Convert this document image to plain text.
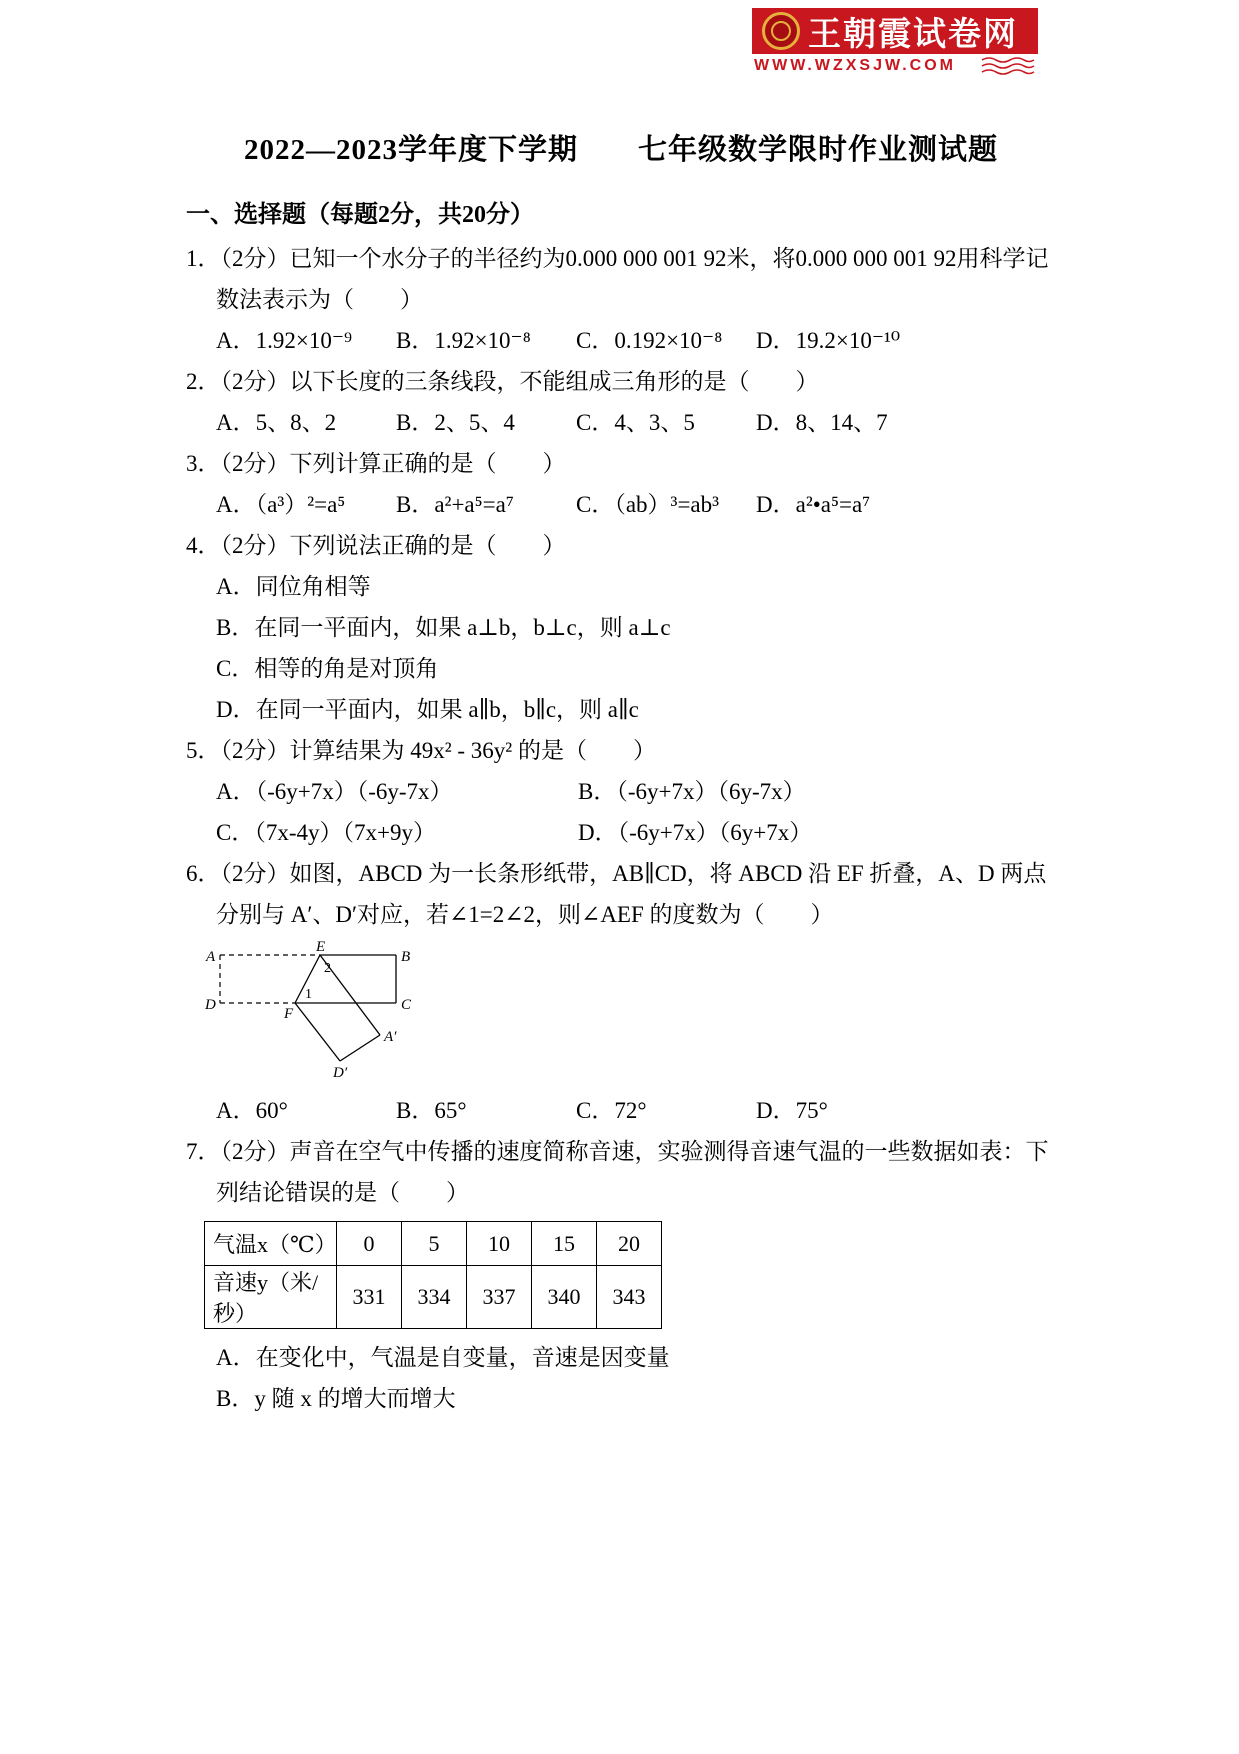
王朝霞试卷网
WWW.WZXSJW.COM
2022—2023学年度下学期　　七年级数学限时作业测试题
一、选择题（每题2分，共20分）

1．（2分）已知一个水分子的半径约为0.000 000 001 92米，将0.000 000 001 92用科学记数法表示为（　　）

A．1.92×10⁻⁹	B．1.92×10⁻⁸	C．0.192×10⁻⁸	D．19.2×10⁻¹⁰

2．（2分）以下长度的三条线段，不能组成三角形的是（　　）

A．5、8、2	B．2、5、4	C．4、3、5	D．8、14、7

3．（2分）下列计算正确的是（　　）

A．（a³）²=a⁵	B．a²+a⁵=a⁷	C．（ab）³=ab³	D．a²•a⁵=a⁷

4．（2分）下列说法正确的是（　　）

A．同位角相等

B．在同一平面内，如果 a⊥b，b⊥c，则 a⊥c

C．相等的角是对顶角

D．在同一平面内，如果 a∥b，b∥c，则 a∥c

5．（2分）计算结果为 49x² - 36y² 的是（　　）

A．（-6y+7x）（-6y-7x）	B．（-6y+7x）（6y-7x）
C．（7x-4y）（7x+9y）	D．（-6y+7x）（6y+7x）

6．（2分）如图，ABCD 为一长条形纸带，AB∥CD，将 ABCD 沿 EF 折叠，A、D 两点分别与 A′、D′对应，若∠1=2∠2，则∠AEF 的度数为（　　）

A
E
B
D
F
C
A′
D′
1
2
A．60°	B．65°	C．72°	D．75°

7．（2分）声音在空气中传播的速度简称音速，实验测得音速气温的一些数据如表：下列结论错误的是（　　）

气温x（℃）	0	5	10	15	20
音速y（米/秒）	331	334	337	340	343

A．在变化中，气温是自变量，音速是因变量

B．y 随 x 的增大而增大
